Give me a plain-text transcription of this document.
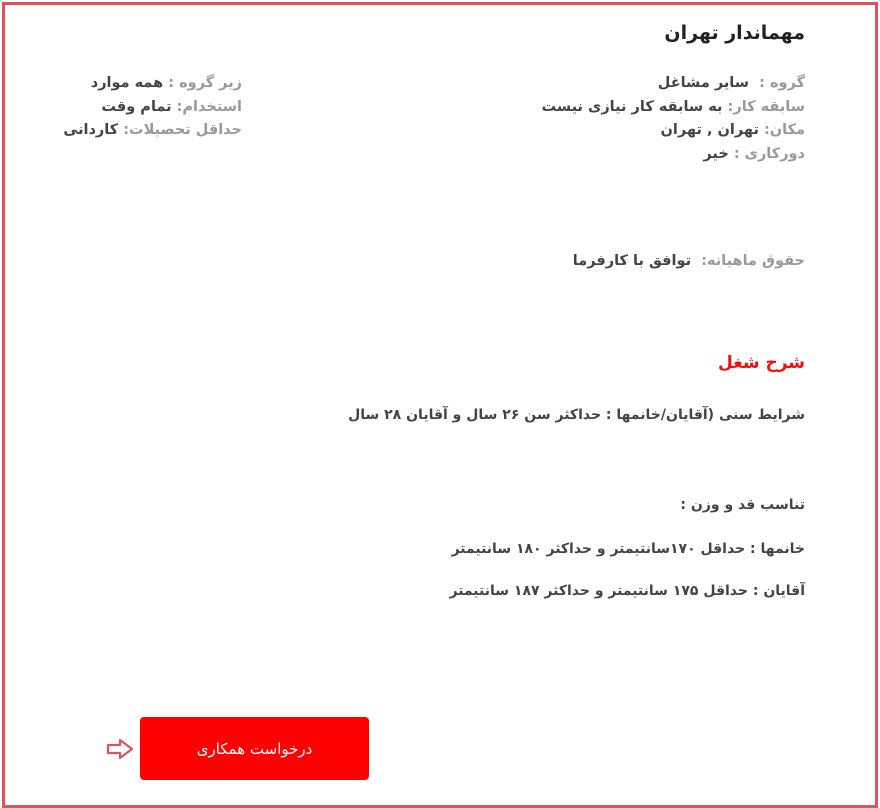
مهماندار تهران
گروه :  سایر مشاغل
سابقه کار: به سابقه کار نیازی نیست
مکان: تهران , تهران
دورکاری : خیر
زیر گروه : همه موارد
استخدام: تمام وقت
حداقل تحصیلات: کاردانی
حقوق ماهیانه:  توافق با کارفرما
شرح شغل
شرایط سنی (آقایان/خانمها : حداکثر سن ۲۶ سال و آقایان ۲۸ سال
تناسب قد و وزن :
خانمها : حداقل ۱۷۰سانتیمتر و حداکثر ۱۸۰ سانتیمتر
آقایان : حداقل ۱۷۵ سانتیمتر و حداکثر ۱۸۷ سانتیمتر
درخواست همکاری
